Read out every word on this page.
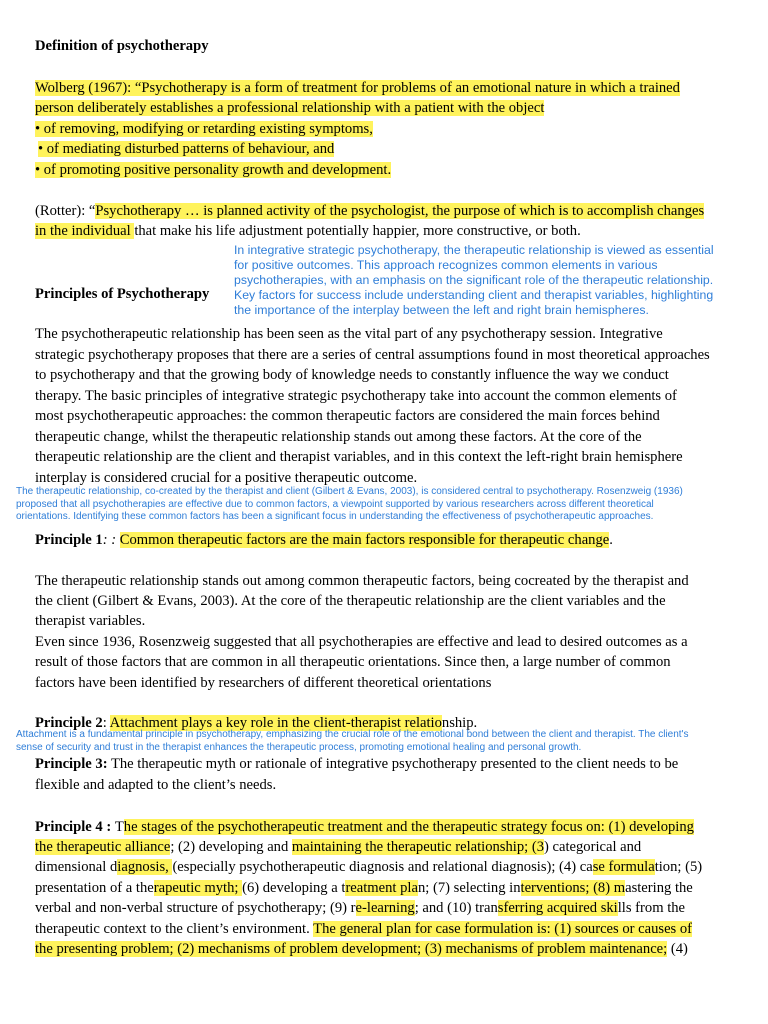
Definition of psychotherapy
Wolberg (1967): “Psychotherapy is a form of treatment for problems of an emotional nature in which a trained
person deliberately establishes a professional relationship with a patient with the object
• of removing, modifying or retarding existing symptoms,
• of mediating disturbed patterns of behaviour, and
• of promoting positive personality growth and development.
(Rotter): “Psychotherapy … is planned activity of the psychologist, the purpose of which is to accomplish changes
in the individual that make his life adjustment potentially happier, more constructive, or both.
In integrative strategic psychotherapy, the therapeutic relationship is viewed as essential
for positive outcomes. This approach recognizes common elements in various
psychotherapies, with an emphasis on the significant role of the therapeutic relationship.
Key factors for success include understanding client and therapist variables, highlighting
the importance of the interplay between the left and right brain hemispheres.
Principles of Psychotherapy
The psychotherapeutic relationship has been seen as the vital part of any psychotherapy session. Integrative
strategic psychotherapy proposes that there are a series of central assumptions found in most theoretical approaches
to psychotherapy and that the growing body of knowledge needs to constantly influence the way we conduct
therapy. The basic principles of integrative strategic psychotherapy take into account the common elements of
most psychotherapeutic approaches: the common therapeutic factors are considered the main forces behind
therapeutic change, whilst the therapeutic relationship stands out among these factors. At the core of the
therapeutic relationship are the client and therapist variables, and in this context the left-right brain hemisphere
interplay is considered crucial for a positive therapeutic outcome.
The therapeutic relationship, co-created by the therapist and client (Gilbert & Evans, 2003), is considered central to psychotherapy. Rosenzweig (1936)
proposed that all psychotherapies are effective due to common factors, a viewpoint supported by various researchers across different theoretical
orientations. Identifying these common factors has been a significant focus in understanding the effectiveness of psychotherapeutic approaches.
Principle 1: : Common therapeutic factors are the main factors responsible for therapeutic change.
The therapeutic relationship stands out among common therapeutic factors, being cocreated by the therapist and
the client (Gilbert & Evans, 2003). At the core of the therapeutic relationship are the client variables and the
therapist variables.
Even since 1936, Rosenzweig suggested that all psychotherapies are effective and lead to desired outcomes as a
result of those factors that are common in all therapeutic orientations. Since then, a large number of common
factors have been identified by researchers of different theoretical orientations
Principle 2: Attachment plays a key role in the client-therapist relationship.
Attachment is a fundamental principle in psychotherapy, emphasizing the crucial role of the emotional bond between the client and therapist. The client's
sense of security and trust in the therapist enhances the therapeutic process, promoting emotional healing and personal growth.
Principle 3: The therapeutic myth or rationale of integrative psychotherapy presented to the client needs to be
flexible and adapted to the client’s needs.
Principle 4 : The stages of the psychotherapeutic treatment and the therapeutic strategy focus on: (1) developing
the therapeutic alliance; (2) developing and maintaining the therapeutic relationship; (3) categorical and
dimensional diagnosis, (especially psychotherapeutic diagnosis and relational diagnosis); (4) case formulation; (5)
presentation of a therapeutic myth; (6) developing a treatment plan; (7) selecting interventions; (8) mastering the
verbal and non-verbal structure of psychotherapy; (9) re-learning; and (10) transferring acquired skills from the
therapeutic context to the client’s environment. The general plan for case formulation is: (1) sources or causes of
the presenting problem; (2) mechanisms of problem development; (3) mechanisms of problem maintenance; (4)
